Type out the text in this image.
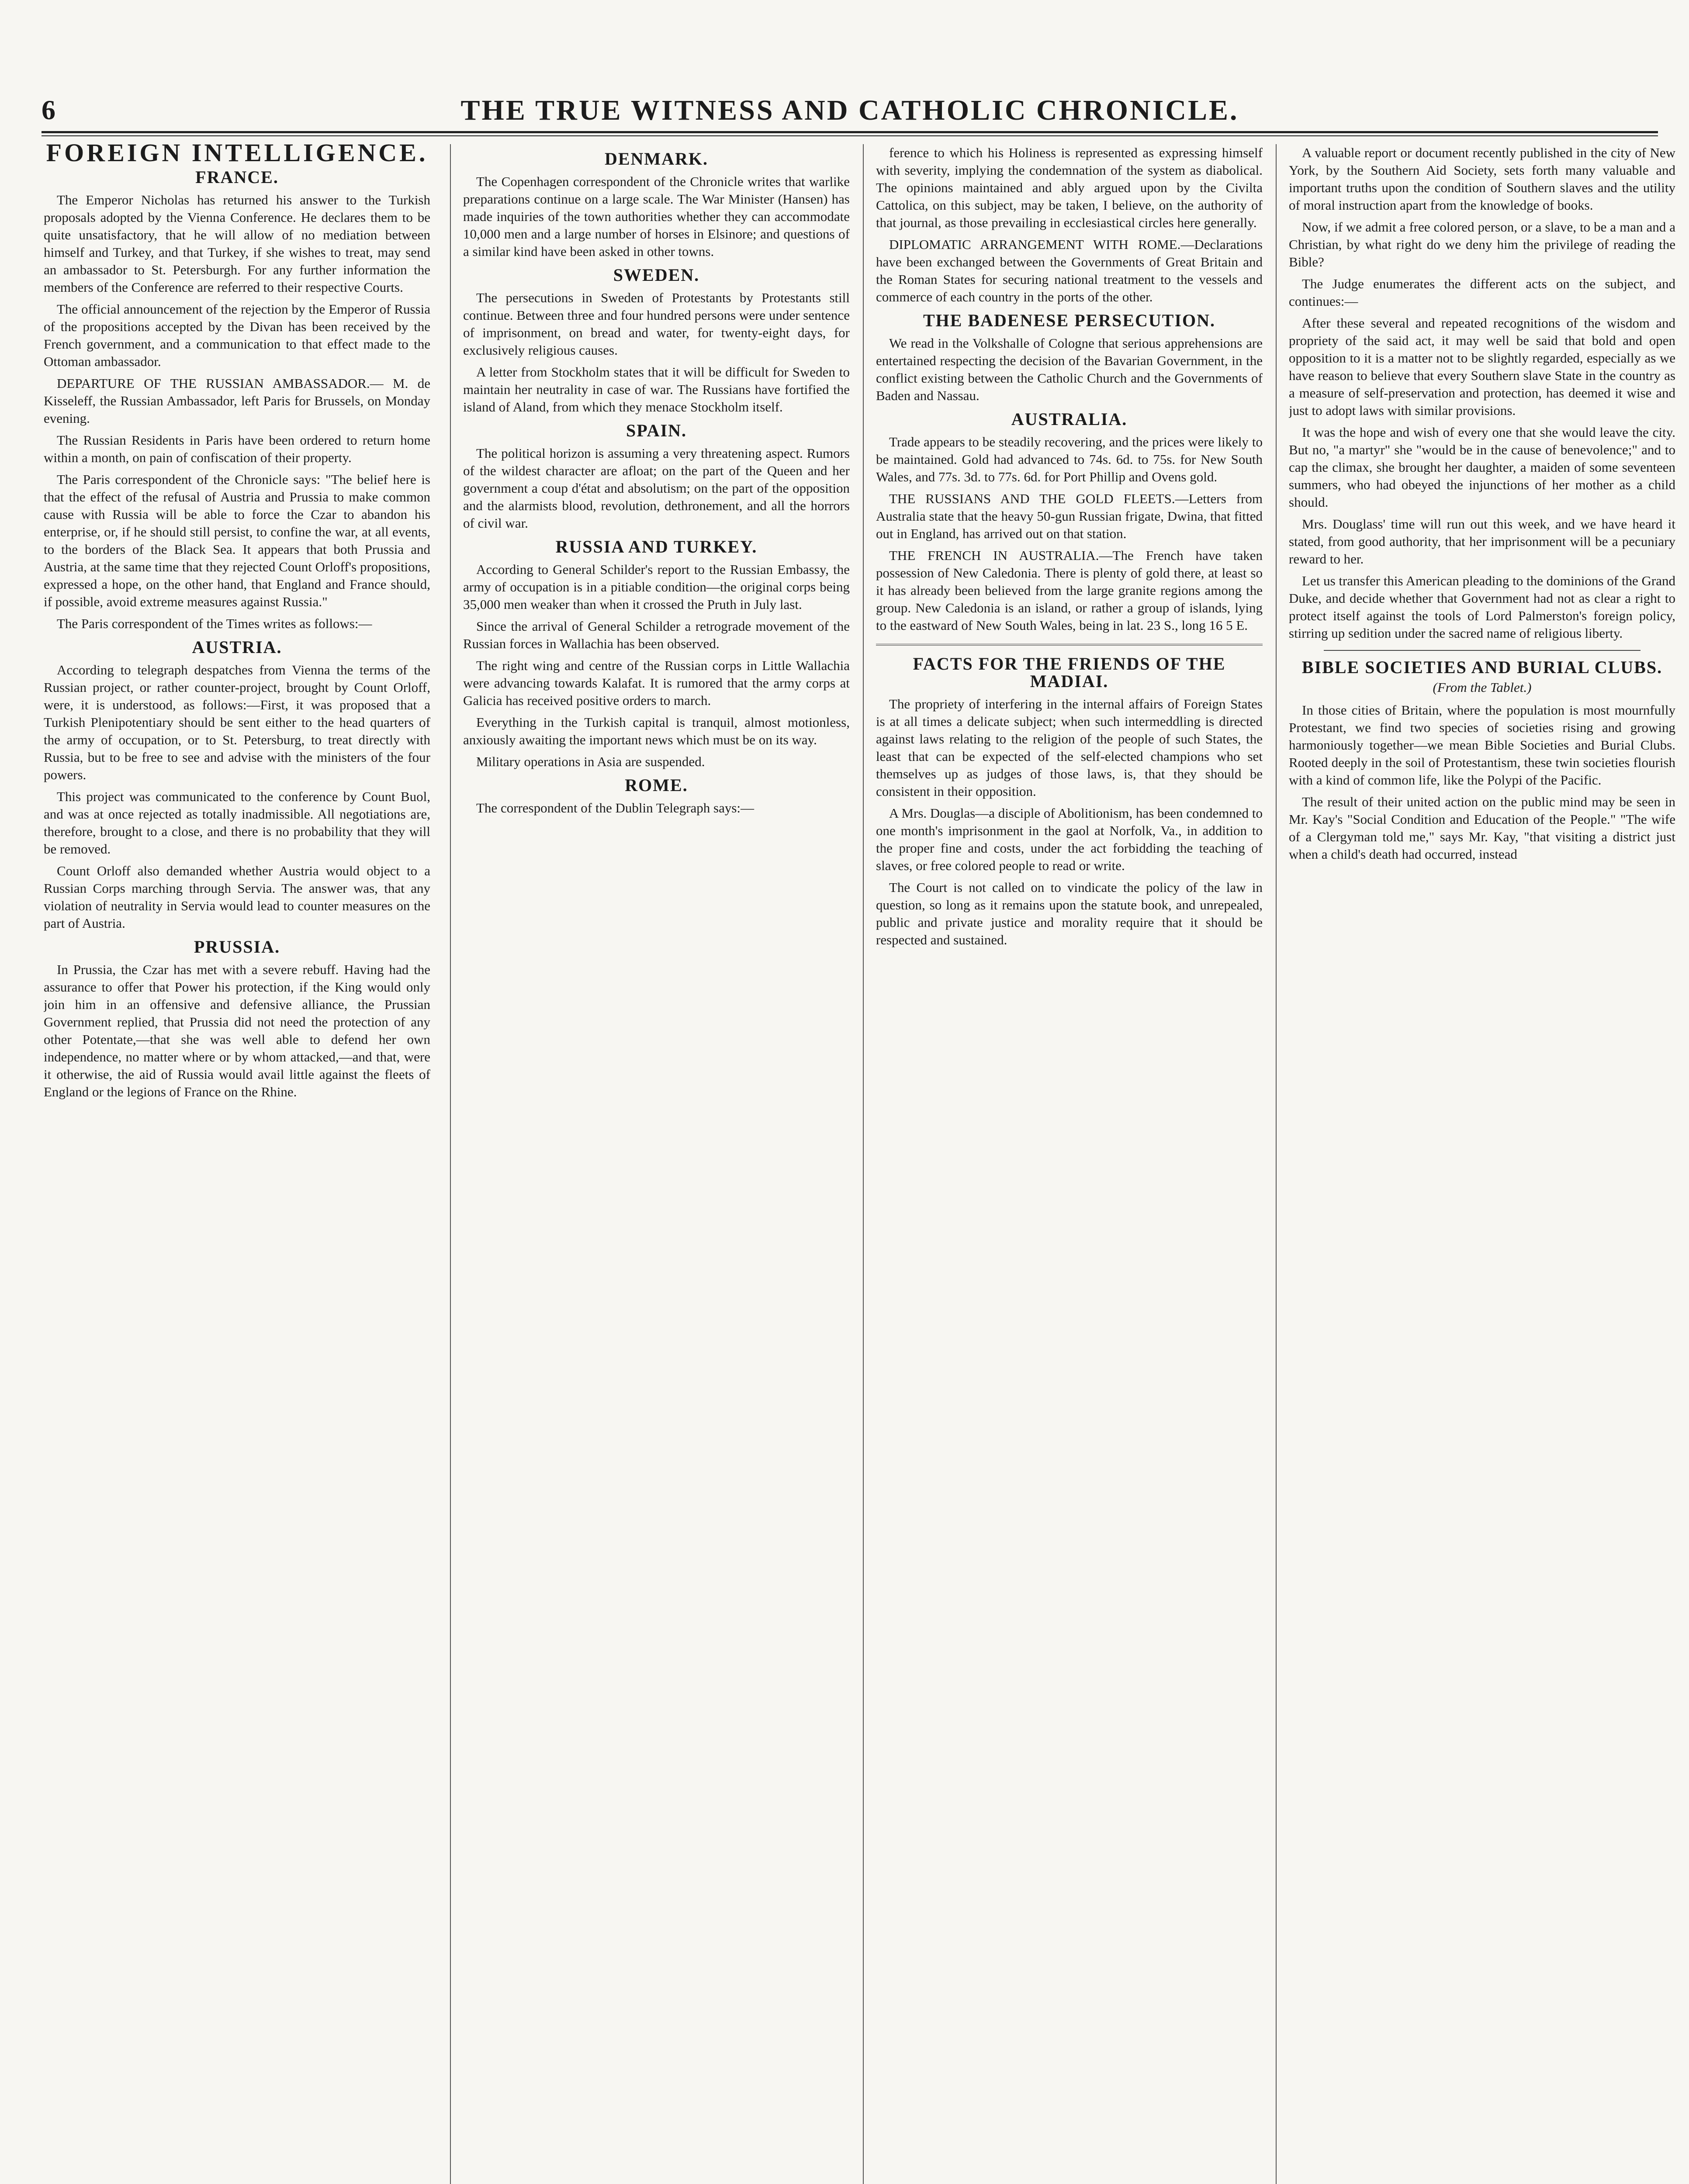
6	THE TRUE WITNESS AND CATHOLIC CHRONICLE.
FOREIGN INTELLIGENCE.
FRANCE.

The Emperor Nicholas has returned his answer to the Turkish proposals adopted by the Vienna Conference. He declares them to be quite unsatisfactory, that he will allow of no mediation between himself and Turkey, and that Turkey, if she wishes to treat, may send an ambassador to St. Petersburgh. For any further information the members of the Conference are referred to their respective Courts.

The official announcement of the rejection by the Emperor of Russia of the propositions accepted by the Divan has been received by the French government, and a communication to that effect made to the Ottoman ambassador.

DEPARTURE OF THE RUSSIAN AMBASSADOR.— M. de Kisseleff, the Russian Ambassador, left Paris for Brussels, on Monday evening.

The Russian Residents in Paris have been ordered to return home within a month, on pain of confiscation of their property.

The Paris correspondent of the Chronicle says: "The belief here is that the effect of the refusal of Austria and Prussia to make common cause with Russia will be able to force the Czar to abandon his enterprise, or, if he should still persist, to confine the war, at all events, to the borders of the Black Sea. It appears that both Prussia and Austria, at the same time that they rejected Count Orloff's propositions, expressed a hope, on the other hand, that England and France should, if possible, avoid extreme measures against Russia."

The Paris correspondent of the Times writes as follows:—

AUSTRIA.

According to telegraph despatches from Vienna the terms of the Russian project, or rather counter-project, brought by Count Orloff, were, it is understood, as follows:—First, it was proposed that a Turkish Plenipotentiary should be sent either to the head quarters of the army of occupation, or to St. Petersburg, to treat directly with Russia, but to be free to see and advise with the ministers of the four powers.

This project was communicated to the conference by Count Buol, and was at once rejected as totally inadmissible. All negotiations are, therefore, brought to a close, and there is no probability that they will be removed.

Count Orloff also demanded whether Austria would object to a Russian Corps marching through Servia. The answer was, that any violation of neutrality in Servia would lead to counter measures on the part of Austria.

PRUSSIA.

In Prussia, the Czar has met with a severe rebuff. Having had the assurance to offer that Power his protection, if the King would only join him in an offensive and defensive alliance, the Prussian Government replied, that Prussia did not need the protection of any other Potentate,—that she was well able to defend her own independence, no matter where or by whom attacked,—and that, were it otherwise, the aid of Russia would avail little against the fleets of England or the legions of France on the Rhine.

DENMARK.

The Copenhagen correspondent of the Chronicle writes that warlike preparations continue on a large scale. The War Minister (Hansen) has made inquiries of the town authorities whether they can accommodate 10,000 men and a large number of horses in Elsinore; and questions of a similar kind have been asked in other towns.

SWEDEN.

The persecutions in Sweden of Protestants by Protestants still continue. Between three and four hundred persons were under sentence of imprisonment, on bread and water, for twenty-eight days, for exclusively religious causes.

A letter from Stockholm states that it will be difficult for Sweden to maintain her neutrality in case of war. The Russians have fortified the island of Aland, from which they menace Stockholm itself.

SPAIN.

The political horizon is assuming a very threatening aspect. Rumors of the wildest character are afloat; on the part of the Queen and her government a coup d'état and absolutism; on the part of the opposition and the alarmists blood, revolution, dethronement, and all the horrors of civil war.

RUSSIA AND TURKEY.

According to General Schilder's report to the Russian Embassy, the army of occupation is in a pitiable condition—the original corps being 35,000 men weaker than when it crossed the Pruth in July last.

Since the arrival of General Schilder a retrograde movement of the Russian forces in Wallachia has been observed.

The right wing and centre of the Russian corps in Little Wallachia were advancing towards Kalafat. It is rumored that the army corps at Galicia has received positive orders to march.

Everything in the Turkish capital is tranquil, almost motionless, anxiously awaiting the important news which must be on its way.

Military operations in Asia are suspended.

ROME.

The correspondent of the Dublin Telegraph says:—

ference to which his Holiness is represented as expressing himself with severity, implying the condemnation of the system as diabolical. The opinions maintained and ably argued upon by the Civilta Cattolica, on this subject, may be taken, I believe, on the authority of that journal, as those prevailing in ecclesiastical circles here generally.

DIPLOMATIC ARRANGEMENT WITH ROME.—Declarations have been exchanged between the Governments of Great Britain and the Roman States for securing national treatment to the vessels and commerce of each country in the ports of the other.

THE BADENESE PERSECUTION.

We read in the Volkshalle of Cologne that serious apprehensions are entertained respecting the decision of the Bavarian Government, in the conflict existing between the Catholic Church and the Governments of Baden and Nassau.

AUSTRALIA.

Trade appears to be steadily recovering, and the prices were likely to be maintained. Gold had advanced to 74s. 6d. to 75s. for New South Wales, and 77s. 3d. to 77s. 6d. for Port Phillip and Ovens gold.

THE RUSSIANS AND THE GOLD FLEETS.—Letters from Australia state that the heavy 50-gun Russian frigate, Dwina, that fitted out in England, has arrived out on that station.

THE FRENCH IN AUSTRALIA.—The French have taken possession of New Caledonia. There is plenty of gold there, at least so it has already been believed from the large granite regions among the group. New Caledonia is an island, or rather a group of islands, lying to the eastward of New South Wales, being in lat. 23 S., long 16 5 E.

FACTS FOR THE FRIENDS OF THE MADIAI.

The propriety of interfering in the internal affairs of Foreign States is at all times a delicate subject; when such intermeddling is directed against laws relating to the religion of the people of such States, the least that can be expected of the self-elected champions who set themselves up as judges of those laws, is, that they should be consistent in their opposition.

A Mrs. Douglas—a disciple of Abolitionism, has been condemned to one month's imprisonment in the gaol at Norfolk, Va., in addition to the proper fine and costs, under the act forbidding the teaching of slaves, or free colored people to read or write.

The Court is not called on to vindicate the policy of the law in question, so long as it remains upon the statute book, and unrepealed, public and private justice and morality require that it should be respected and sustained.

A valuable report or document recently published in the city of New York, by the Southern Aid Society, sets forth many valuable and important truths upon the condition of Southern slaves and the utility of moral instruction apart from the knowledge of books.

Now, if we admit a free colored person, or a slave, to be a man and a Christian, by what right do we deny him the privilege of reading the Bible?

The Judge enumerates the different acts on the subject, and continues:—

After these several and repeated recognitions of the wisdom and propriety of the said act, it may well be said that bold and open opposition to it is a matter not to be slightly regarded, especially as we have reason to believe that every Southern slave State in the country as a measure of self-preservation and protection, has deemed it wise and just to adopt laws with similar provisions.

It was the hope and wish of every one that she would leave the city. But no, "a martyr" she "would be in the cause of benevolence;" and to cap the climax, she brought her daughter, a maiden of some seventeen summers, who had obeyed the injunctions of her mother as a child should.

Mrs. Douglass' time will run out this week, and we have heard it stated, from good authority, that her imprisonment will be a pecuniary reward to her.

Let us transfer this American pleading to the dominions of the Grand Duke, and decide whether that Government had not as clear a right to protect itself against the tools of Lord Palmerston's foreign policy, stirring up sedition under the sacred name of religious liberty.

BIBLE SOCIETIES AND BURIAL CLUBS.
(From the Tablet.)

In those cities of Britain, where the population is most mournfully Protestant, we find two species of societies rising and growing harmoniously together—we mean Bible Societies and Burial Clubs. Rooted deeply in the soil of Protestantism, these twin societies flourish with a kind of common life, like the Polypi of the Pacific.

The result of their united action on the public mind may be seen in Mr. Kay's "Social Condition and Education of the People." "The wife of a Clergyman told me," says Mr. Kay, "that visiting a district just when a child's death had occurred, instead
